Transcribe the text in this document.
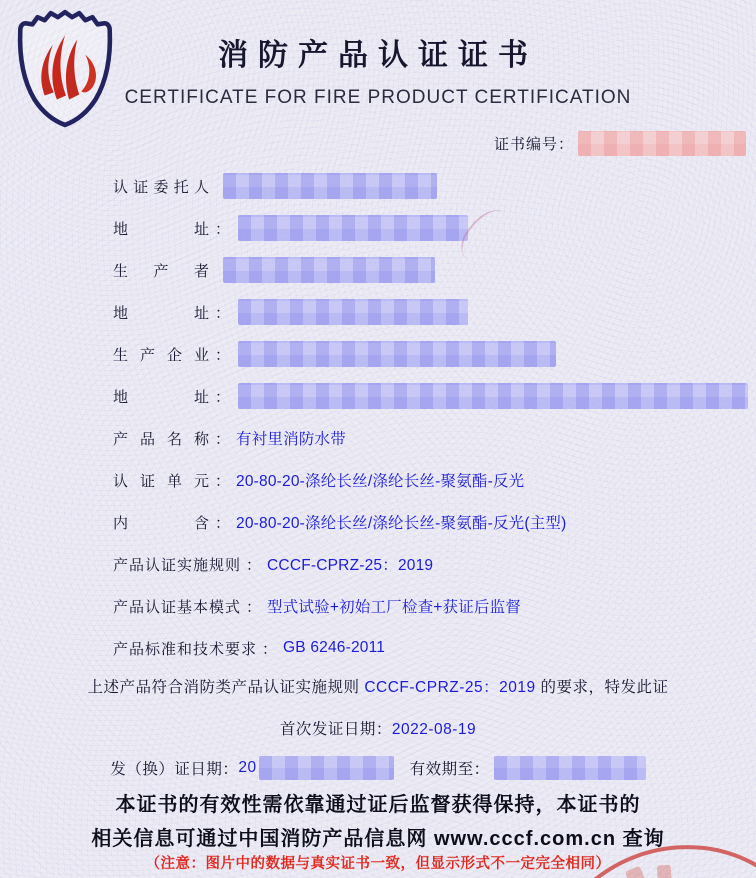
消防产品认证证书
CERTIFICATE FOR FIRE PRODUCT CERTIFICATION
证书编号：
认证委托人
地址 ：
生产者
地址 ：
生产企业 ：
地址 ：
产品名称 ： 有衬里消防水带
认证单元 ： 20-80-20-涤纶长丝/涤纶长丝-聚氨酯-反光
内含 ： 20-80-20-涤纶长丝/涤纶长丝-聚氨酯-反光(主型)
产品认证实施规则 ： CCCF-CPRZ-25：2019
产品认证基本模式 ： 型式试验+初始工厂检查+获证后监督
产品标准和技术要求 ： GB 6246-2011
上述产品符合消防类产品认证实施规则 CCCF-CPRZ-25：2019 的要求，特发此证
首次发证日期：2022-08-19
发（换）证日期： 20	有效期至：
本证书的有效性需依靠通过证后监督获得保持，本证书的
相关信息可通过中国消防产品信息网 www.cccf.com.cn 查询
（注意：图片中的数据与真实证书一致，但显示形式不一定完全相同）
